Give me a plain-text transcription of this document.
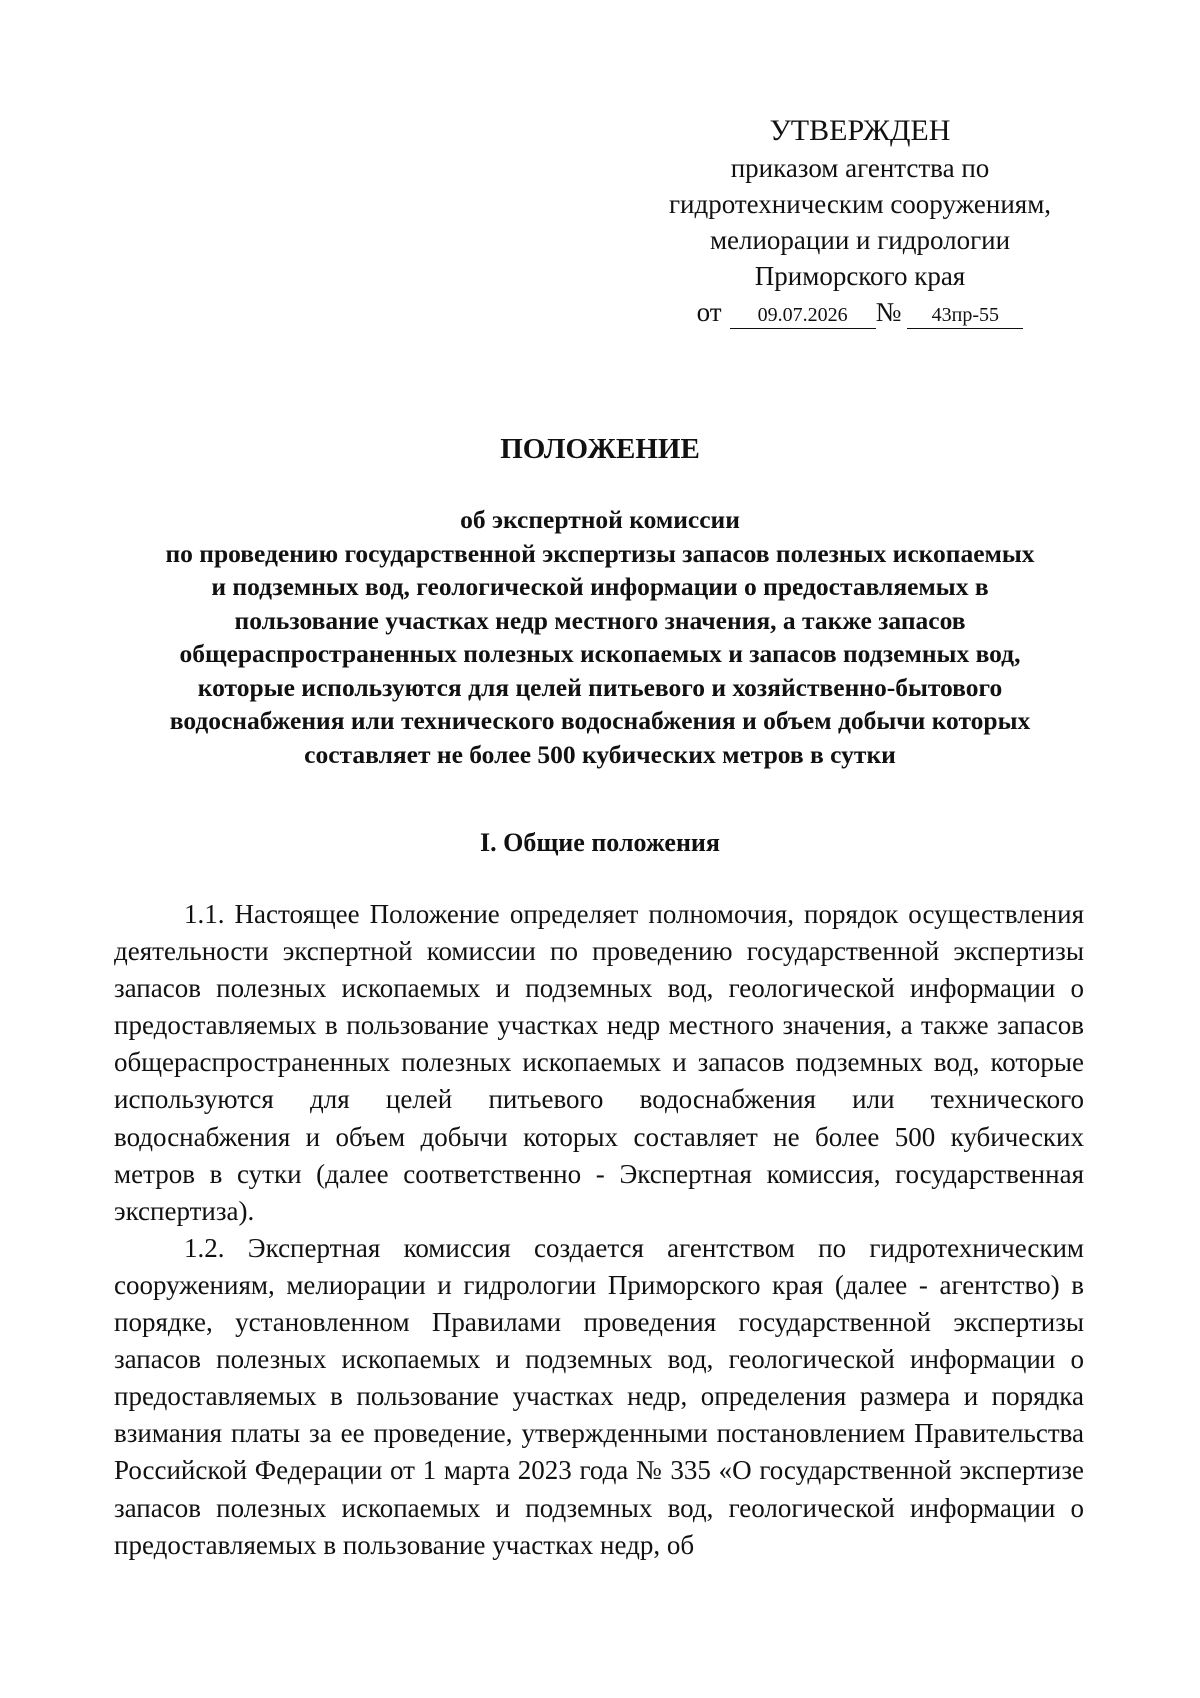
УТВЕРЖДЕН
приказом агентства по
гидротехническим сооружениям,
мелиорации и гидрологии
Приморского края
от	09.07.2026	№	43пр-55
ПОЛОЖЕНИЕ
об экспертной комиссии
по проведению государственной экспертизы запасов полезных ископаемых
и подземных вод, геологической информации о предоставляемых в
пользование участках недр местного значения, а также запасов
общераспространенных полезных ископаемых и запасов подземных вод,
которые используются для целей питьевого и хозяйственно-бытового
водоснабжения или технического водоснабжения и объем добычи которых
составляет не более 500 кубических метров в сутки
I. Общие положения

1.1. Настоящее Положение определяет полномочия, порядок осуществления деятельности экспертной комиссии по проведению государственной экспертизы запасов полезных ископаемых и подземных вод, геологической информации о предоставляемых в пользование участках недр местного значения, а также запасов общераспространенных полезных ископаемых и запасов подземных вод, которые используются для целей питьевого водоснабжения или технического водоснабжения и объем добычи которых составляет не более 500 кубических метров в сутки (далее соответственно - Экспертная комиссия, государственная экспертиза).

1.2. Экспертная комиссия создается агентством по гидротехническим сооружениям, мелиорации и гидрологии Приморского края (далее - агентство) в порядке, установленном Правилами проведения государственной экспертизы запасов полезных ископаемых и подземных вод, геологической информации о предоставляемых в пользование участках недр, определения размера и порядка взимания платы за ее проведение, утвержденными постановлением Правительства Российской Федерации от 1 марта 2023 года № 335 «О государственной экспертизе запасов полезных ископаемых и подземных вод, геологической информации о предоставляемых в пользование участках недр, об
